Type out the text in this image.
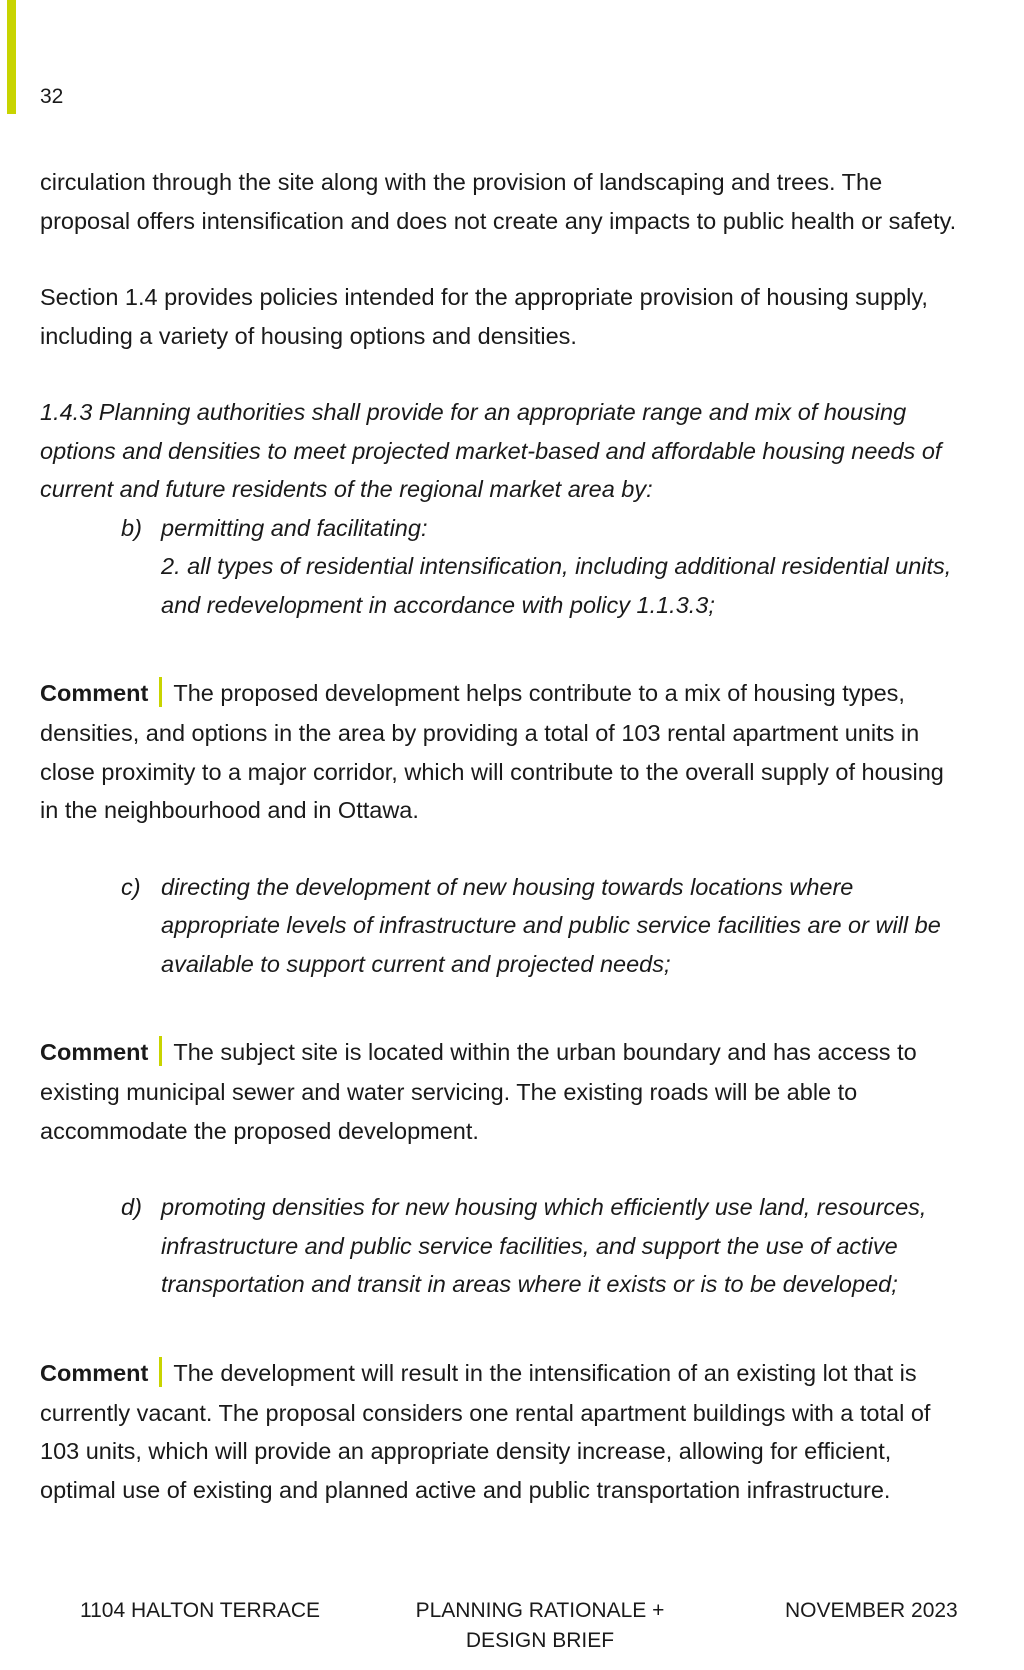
32

circulation through the site along with the provision of landscaping and trees. The
proposal offers intensification and does not create any impacts to public health or safety.

Section 1.4 provides policies intended for the appropriate provision of housing supply,
including a variety of housing options and densities.

1.4.3 Planning authorities shall provide for an appropriate range and mix of housing
options and densities to meet projected market-based and affordable housing needs of
current and future residents of the regional market area by:

b) permitting and facilitating:
2. all types of residential intensification, including additional residential units,
and redevelopment in accordance with policy 1.1.3.3;
Comment The proposed development helps contribute to a mix of housing types,
densities, and options in the area by providing a total of 103 rental apartment units in
close proximity to a major corridor, which will contribute to the overall supply of housing
in the neighbourhood and in Ottawa.
c) directing the development of new housing towards locations where
appropriate levels of infrastructure and public service facilities are or will be
available to support current and projected needs;
Comment The subject site is located within the urban boundary and has access to
existing municipal sewer and water servicing. The existing roads will be able to
accommodate the proposed development.
d) promoting densities for new housing which efficiently use land, resources,
infrastructure and public service facilities, and support the use of active
transportation and transit in areas where it exists or is to be developed;
Comment The development will result in the intensification of an existing lot that is
currently vacant. The proposal considers one rental apartment buildings with a total of
103 units, which will provide an appropriate density increase, allowing for efficient,
optimal use of existing and planned active and public transportation infrastructure.
1104 HALTON TERRACE	PLANNING RATIONALE +
DESIGN BRIEF
NOVEMBER 2023
